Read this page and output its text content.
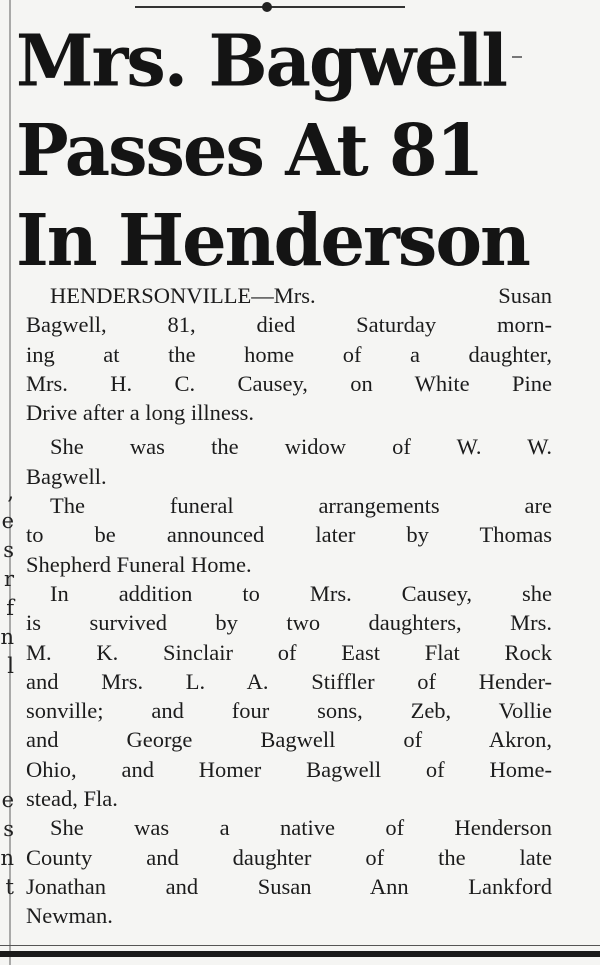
,
e
s
r
f
n
l
e
s
n
t
Mrs. Bagwell
Passes At 81
In Henderson
HENDERSONVILLE—Mrs. Susan
Bagwell, 81, died Saturday morn-
ing at the home of a daughter,
Mrs. H. C. Causey, on White Pine
Drive after a long illness.
She was the widow of W. W.
Bagwell.
The funeral arrangements are
to be announced later by Thomas
Shepherd Funeral Home.
In addition to Mrs. Causey, she
is survived by two daughters, Mrs.
M. K. Sinclair of East Flat Rock
and Mrs. L. A. Stiffler of Hender-
sonville; and four sons, Zeb, Vollie
and George Bagwell of Akron,
Ohio, and Homer Bagwell of Home-
stead, Fla.
She was a native of Henderson
County and daughter of the late
Jonathan and Susan Ann Lankford
Newman.
